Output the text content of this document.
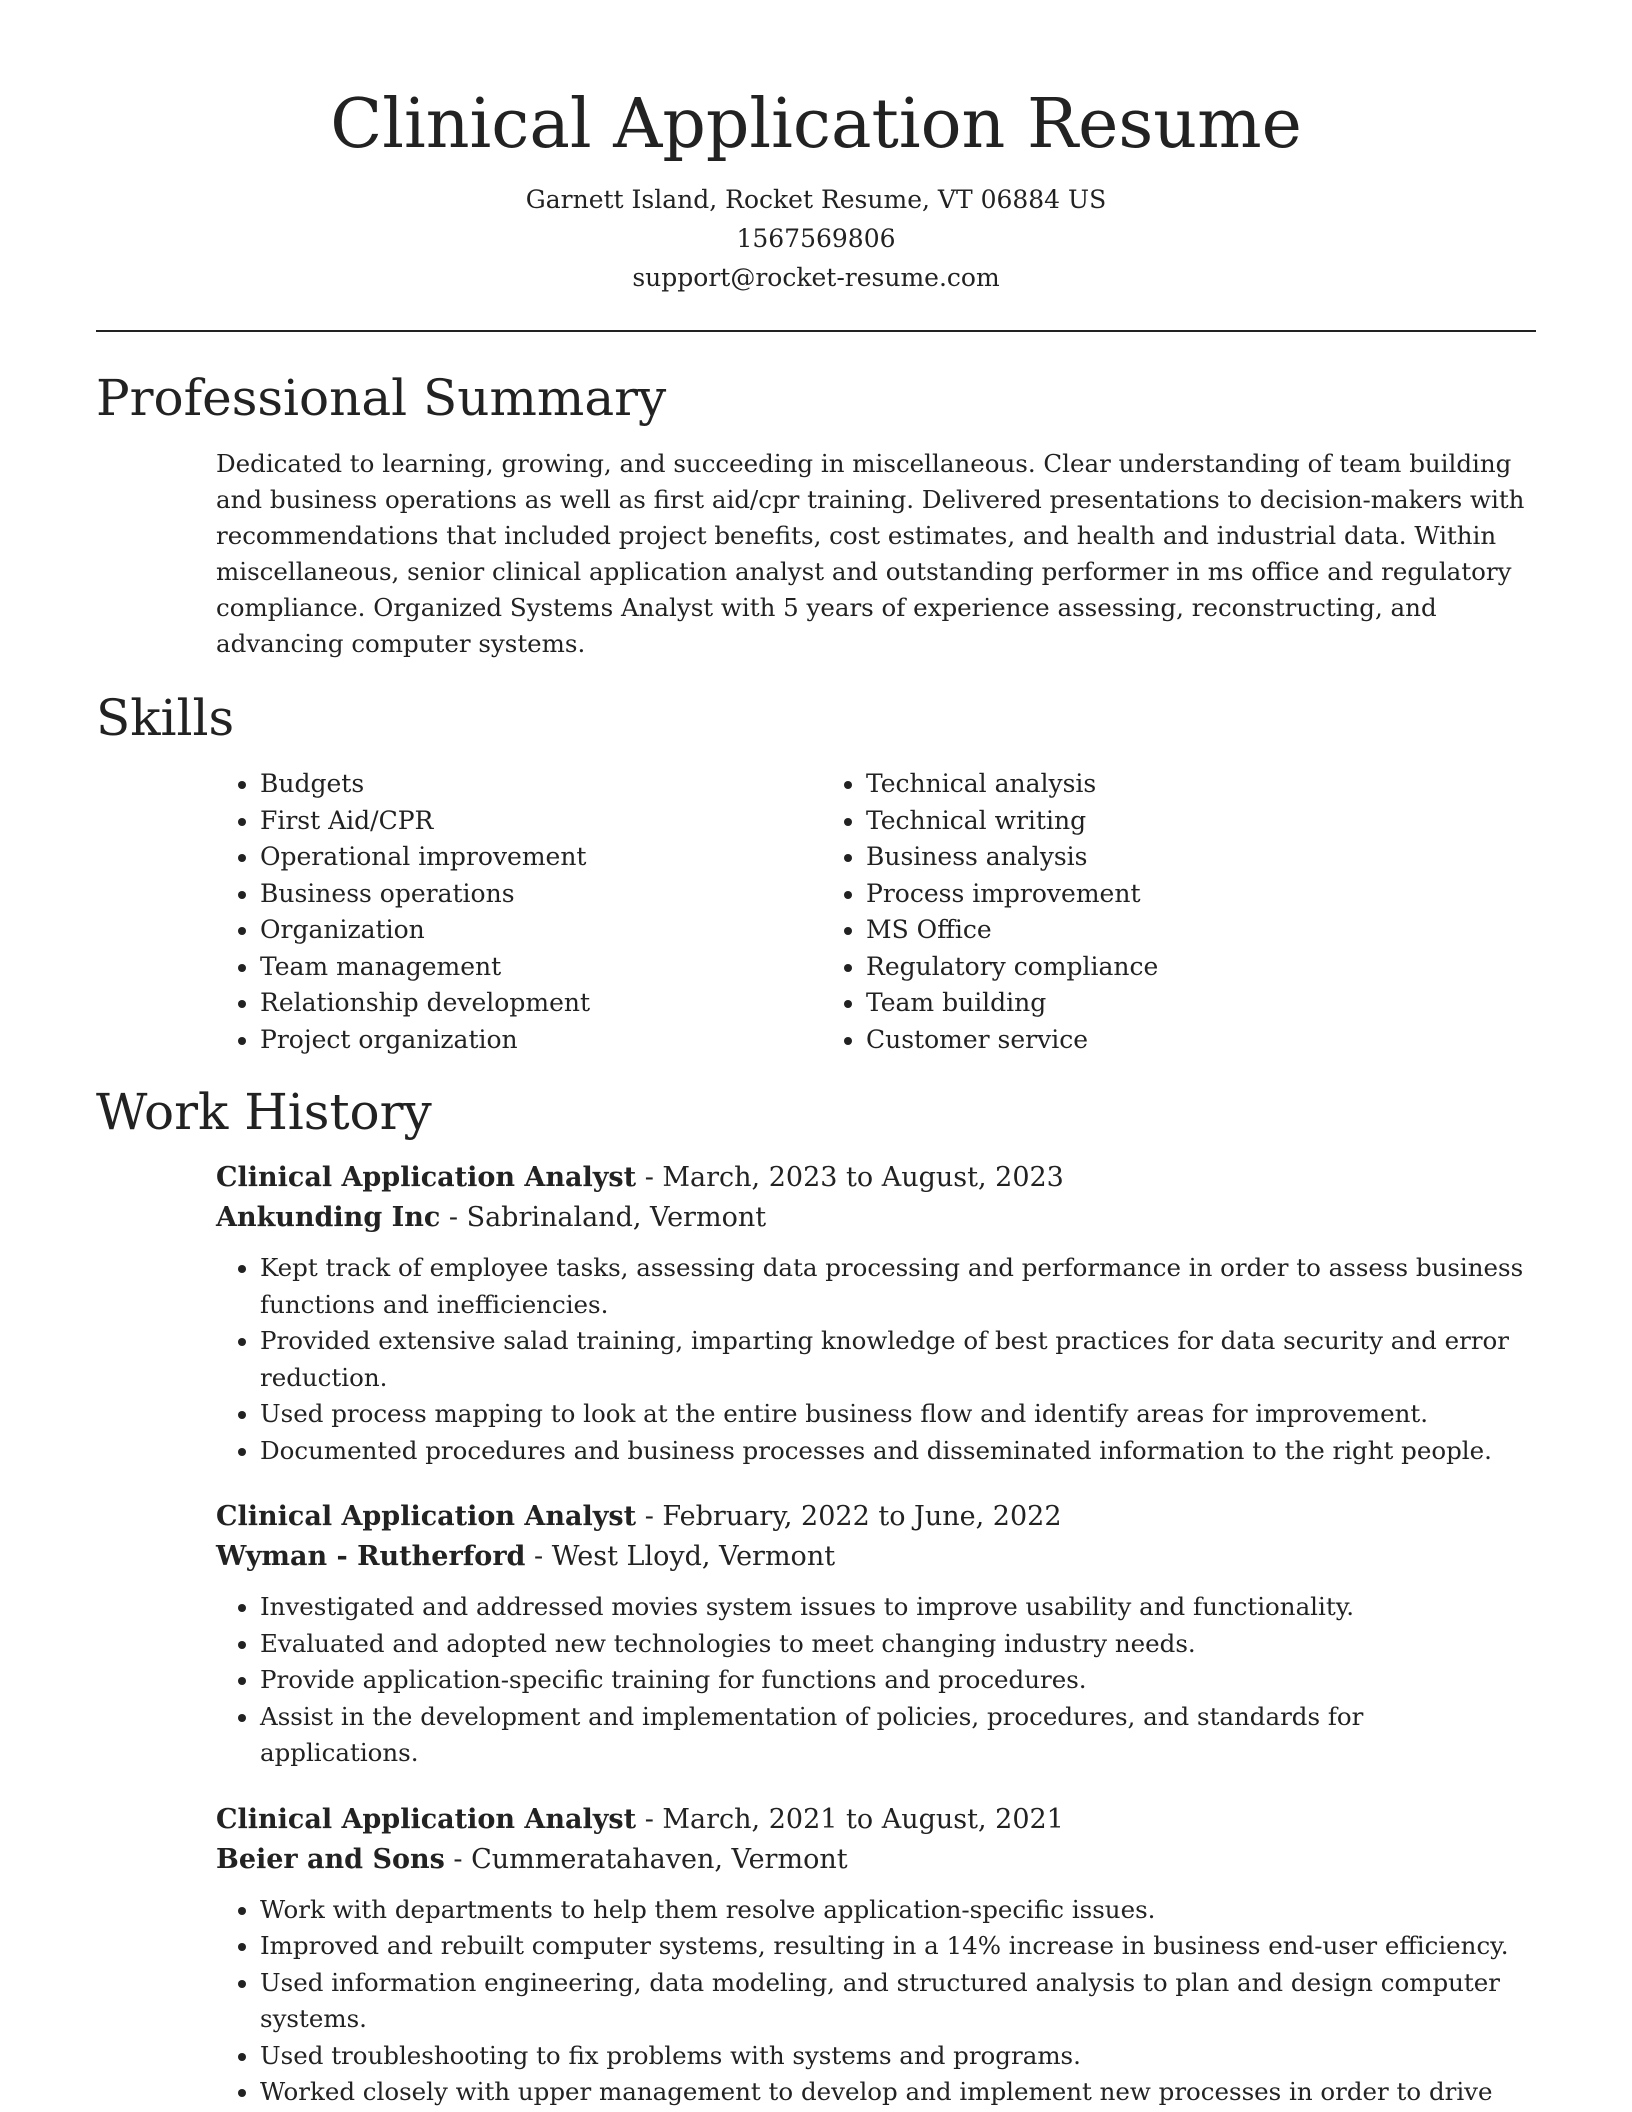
Clinical Application Resume
Garnett Island, Rocket Resume, VT 06884 US
1567569806
support@rocket-resume.com
Professional Summary

Dedicated to learning, growing, and succeeding in miscellaneous. Clear understanding of team building and business operations as well as first aid/cpr training. Delivered presentations to decision-makers with recommendations that included project benefits, cost estimates, and health and industrial data. Within miscellaneous, senior clinical application analyst and outstanding performer in ms office and regulatory compliance. Organized Systems Analyst with 5 years of experience assessing, reconstructing, and advancing computer systems.

Skills
• Budgets
• First Aid/CPR
• Operational improvement
• Business operations
• Organization
• Team management
• Relationship development
• Project organization
• Technical analysis
• Technical writing
• Business analysis
• Process improvement
• MS Office
• Regulatory compliance
• Team building
• Customer service
Work History
Clinical Application Analyst - March, 2023 to August, 2023
Ankunding Inc - Sabrinaland, Vermont
• Kept track of employee tasks, assessing data processing and performance in order to assess business functions and inefficiencies.
• Provided extensive salad training, imparting knowledge of best practices for data security and error reduction.
• Used process mapping to look at the entire business flow and identify areas for improvement.
• Documented procedures and business processes and disseminated information to the right people.
Clinical Application Analyst - February, 2022 to June, 2022
Wyman - Rutherford - West Lloyd, Vermont
• Investigated and addressed movies system issues to improve usability and functionality.
• Evaluated and adopted new technologies to meet changing industry needs.
• Provide application-specific training for functions and procedures.
• Assist in the development and implementation of policies, procedures, and standards for applications.
Clinical Application Analyst - March, 2021 to August, 2021
Beier and Sons - Cummeratahaven, Vermont
• Work with departments to help them resolve application-specific issues.
• Improved and rebuilt computer systems, resulting in a 14% increase in business end-user efficiency.
• Used information engineering, data modeling, and structured analysis to plan and design computer systems.
• Used troubleshooting to fix problems with systems and programs.
• Worked closely with upper management to develop and implement new processes in order to drive
